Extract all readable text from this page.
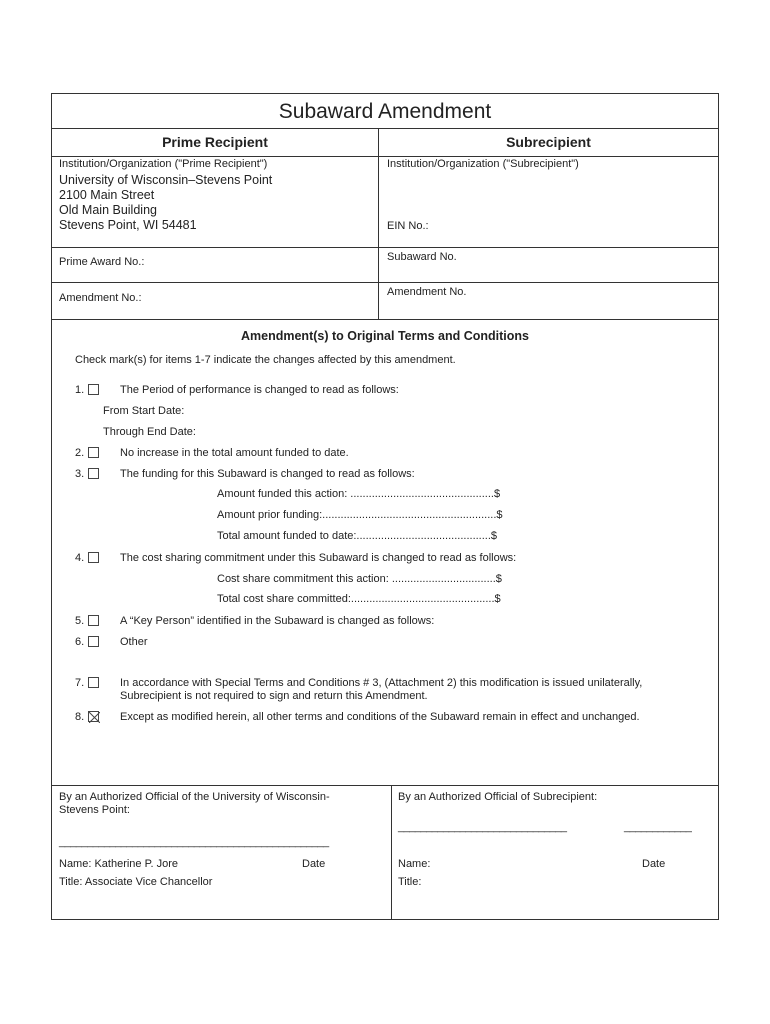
Subaward Amendment
Prime Recipient	Subrecipient
Institution/Organization ("Prime Recipient")
University of Wisconsin–Stevens Point
2100 Main Street
Old Main Building
Stevens Point, WI 54481
Institution/Organization ("Subrecipient")
EIN No.:
Prime Award No.:	Subaward No.
Amendment No.:	Amendment No.
Amendment(s) to Original Terms and Conditions
Check mark(s) for items 1-7 indicate the changes affected by this amendment.
1.	The Period of performance is changed to read as follows:
From Start Date:
Through End Date:
2.	No increase in the total amount funded to date.
3.	The funding for this Subaward is changed to read as follows:
Amount funded this action: ...............................................$
Amount prior funding:.........................................................$
Total amount funded to date:............................................$
4.	The cost sharing commitment under this Subaward is changed to read as follows:
Cost share commitment this action: ..................................$
Total cost share committed:...............................................$
5.	A “Key Person” identified in the Subaward is changed as follows:
6.	Other
7.	In accordance with Special Terms and Conditions # 3, (Attachment 2) this modification is issued unilaterally,
Subrecipient is not required to sign and return this Amendment.
8.	Except as modified herein, all other terms and conditions of the Subaward remain in effect and unchanged.
By an Authorized Official of the University of Wisconsin-
Stevens Point:
________________________________________________
Name: Katherine P. Jore	Date
Title: Associate Vice Chancellor
By an Authorized Official of Subrecipient:
______________________________	____________
Name:	Date
Title:
